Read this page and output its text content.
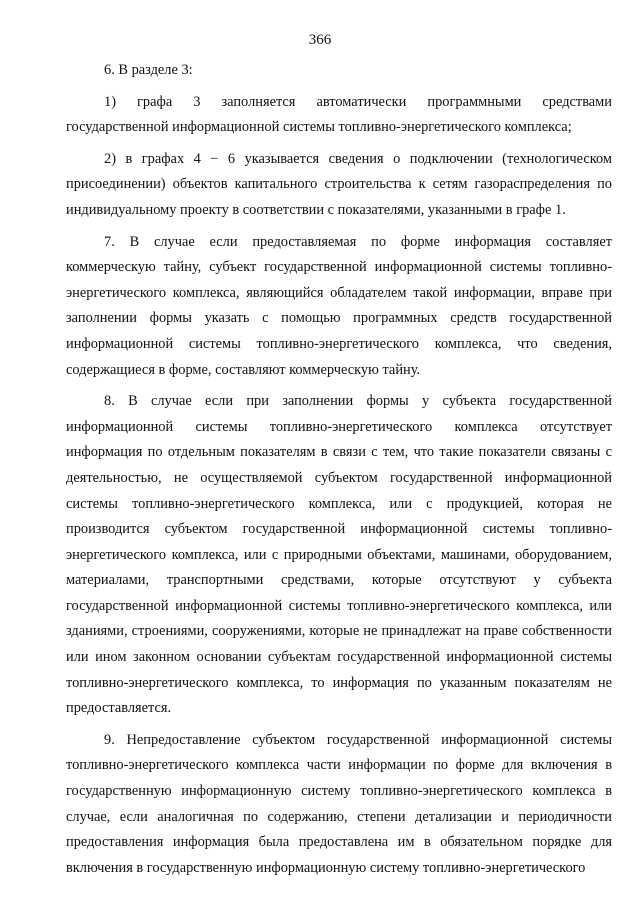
366

6. В разделе 3:

1) графа 3 заполняется автоматически программными средствами государственной информационной системы топливно-энергетического комплекса;

2) в графах 4 − 6 указывается сведения о подключении (технологическом присоединении) объектов капитального строительства к сетям газораспределения по индивидуальному проекту в соответствии с показателями, указанными в графе 1.

7. В случае если предоставляемая по форме информация составляет коммерческую тайну, субъект государственной информационной системы топливно-энергетического комплекса, являющийся обладателем такой информации, вправе при заполнении формы указать с помощью программных средств государственной информационной системы топливно-энергетического комплекса, что сведения, содержащиеся в форме, составляют коммерческую тайну.

8. В случае если при заполнении формы у субъекта государственной информационной системы топливно-энергетического комплекса отсутствует информация по отдельным показателям в связи с тем, что такие показатели связаны с деятельностью, не осуществляемой субъектом государственной информационной системы топливно-энергетического комплекса, или с продукцией, которая не производится субъектом государственной информационной системы топливно-энергетического комплекса, или с природными объектами, машинами, оборудованием, материалами, транспортными средствами, которые отсутствуют у субъекта государственной информационной системы топливно-энергетического комплекса, или зданиями, строениями, сооружениями, которые не принадлежат на праве собственности или ином законном основании субъектам государственной информационной системы топливно-энергетического комплекса, то информация по указанным показателям не предоставляется.

9. Непредоставление субъектом государственной информационной системы топливно-энергетического комплекса части информации по форме для включения в государственную информационную систему топливно-энергетического комплекса в случае, если аналогичная по содержанию, степени детализации и периодичности предоставления информация была предоставлена им в обязательном порядке для включения в государственную информационную систему топливно-энергетического
